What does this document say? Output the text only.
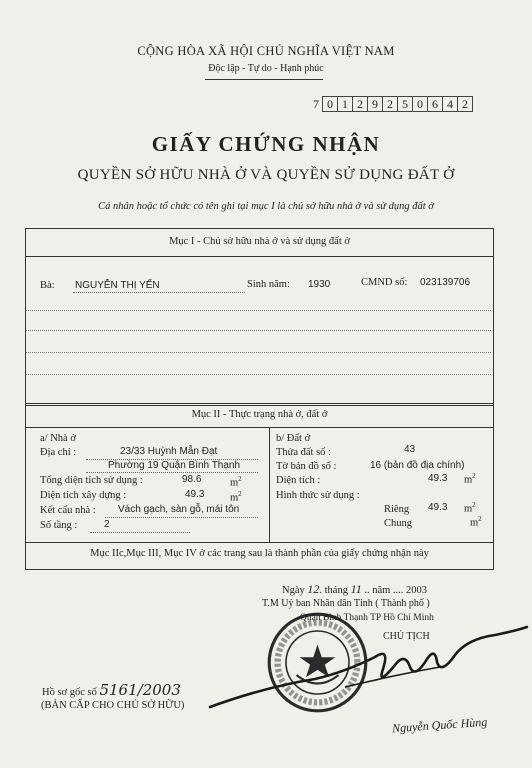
CỘNG HÒA XÃ HỘI CHỦ NGHĨA VIỆT NAM
Độc lập - Tự do - Hạnh phúc
7 0 1 2 9 2 5 0 6 4 2
GIẤY CHỨNG NHẬN
QUYỀN SỞ HỮU NHÀ Ở VÀ QUYỀN SỬ DỤNG ĐẤT Ở
Cá nhân hoặc tổ chức có tên ghi tại mục I là chủ sở hữu nhà ở và sử dụng đất ở
Mục I - Chủ sở hữu nhà ở và sử dụng đất ở
Bà: NGUYỄN THỊ YẾN	Sinh năm: 1930	CMND số: 023139706
Mục II - Thực trạng nhà ở, đất ở
a/ Nhà ở
Địa chỉ :	23/33 Huỳnh Mẫn Đạt
Phường 19 Quận Bình Thạnh
Tổng diện tích sử dụng :	98.6	$m^2$
Diện tích xây dựng :	49.3 $m^2$
Kết cấu nhà : Vách gạch, sàn gỗ, mái tôn
Số tầng :	2
b/ Đất ở
Thửa đất số :	43
Tờ bản đồ số :	16 (bản đồ địa chính)
Diện tích :	49.3 $m^2$
Hình thức sử dụng :
Riêng 49.3 $m^2$
Chung	$m^2$
Mục IIc,Mục III, Mục IV ở các trang sau là thành phần của giấy chứng nhận này
Ngày 12. tháng 11 .. năm .... 2003
T.M Uỷ ban Nhân dân Tỉnh ( Thành phố )
Quận Bình Thạnh TP Hồ Chí Minh
CHỦ TỊCH
Nguyễn Quốc Hùng
Hồ sơ gốc số 5161/2003
(BẢN CẤP CHO CHỦ SỞ HỮU)
